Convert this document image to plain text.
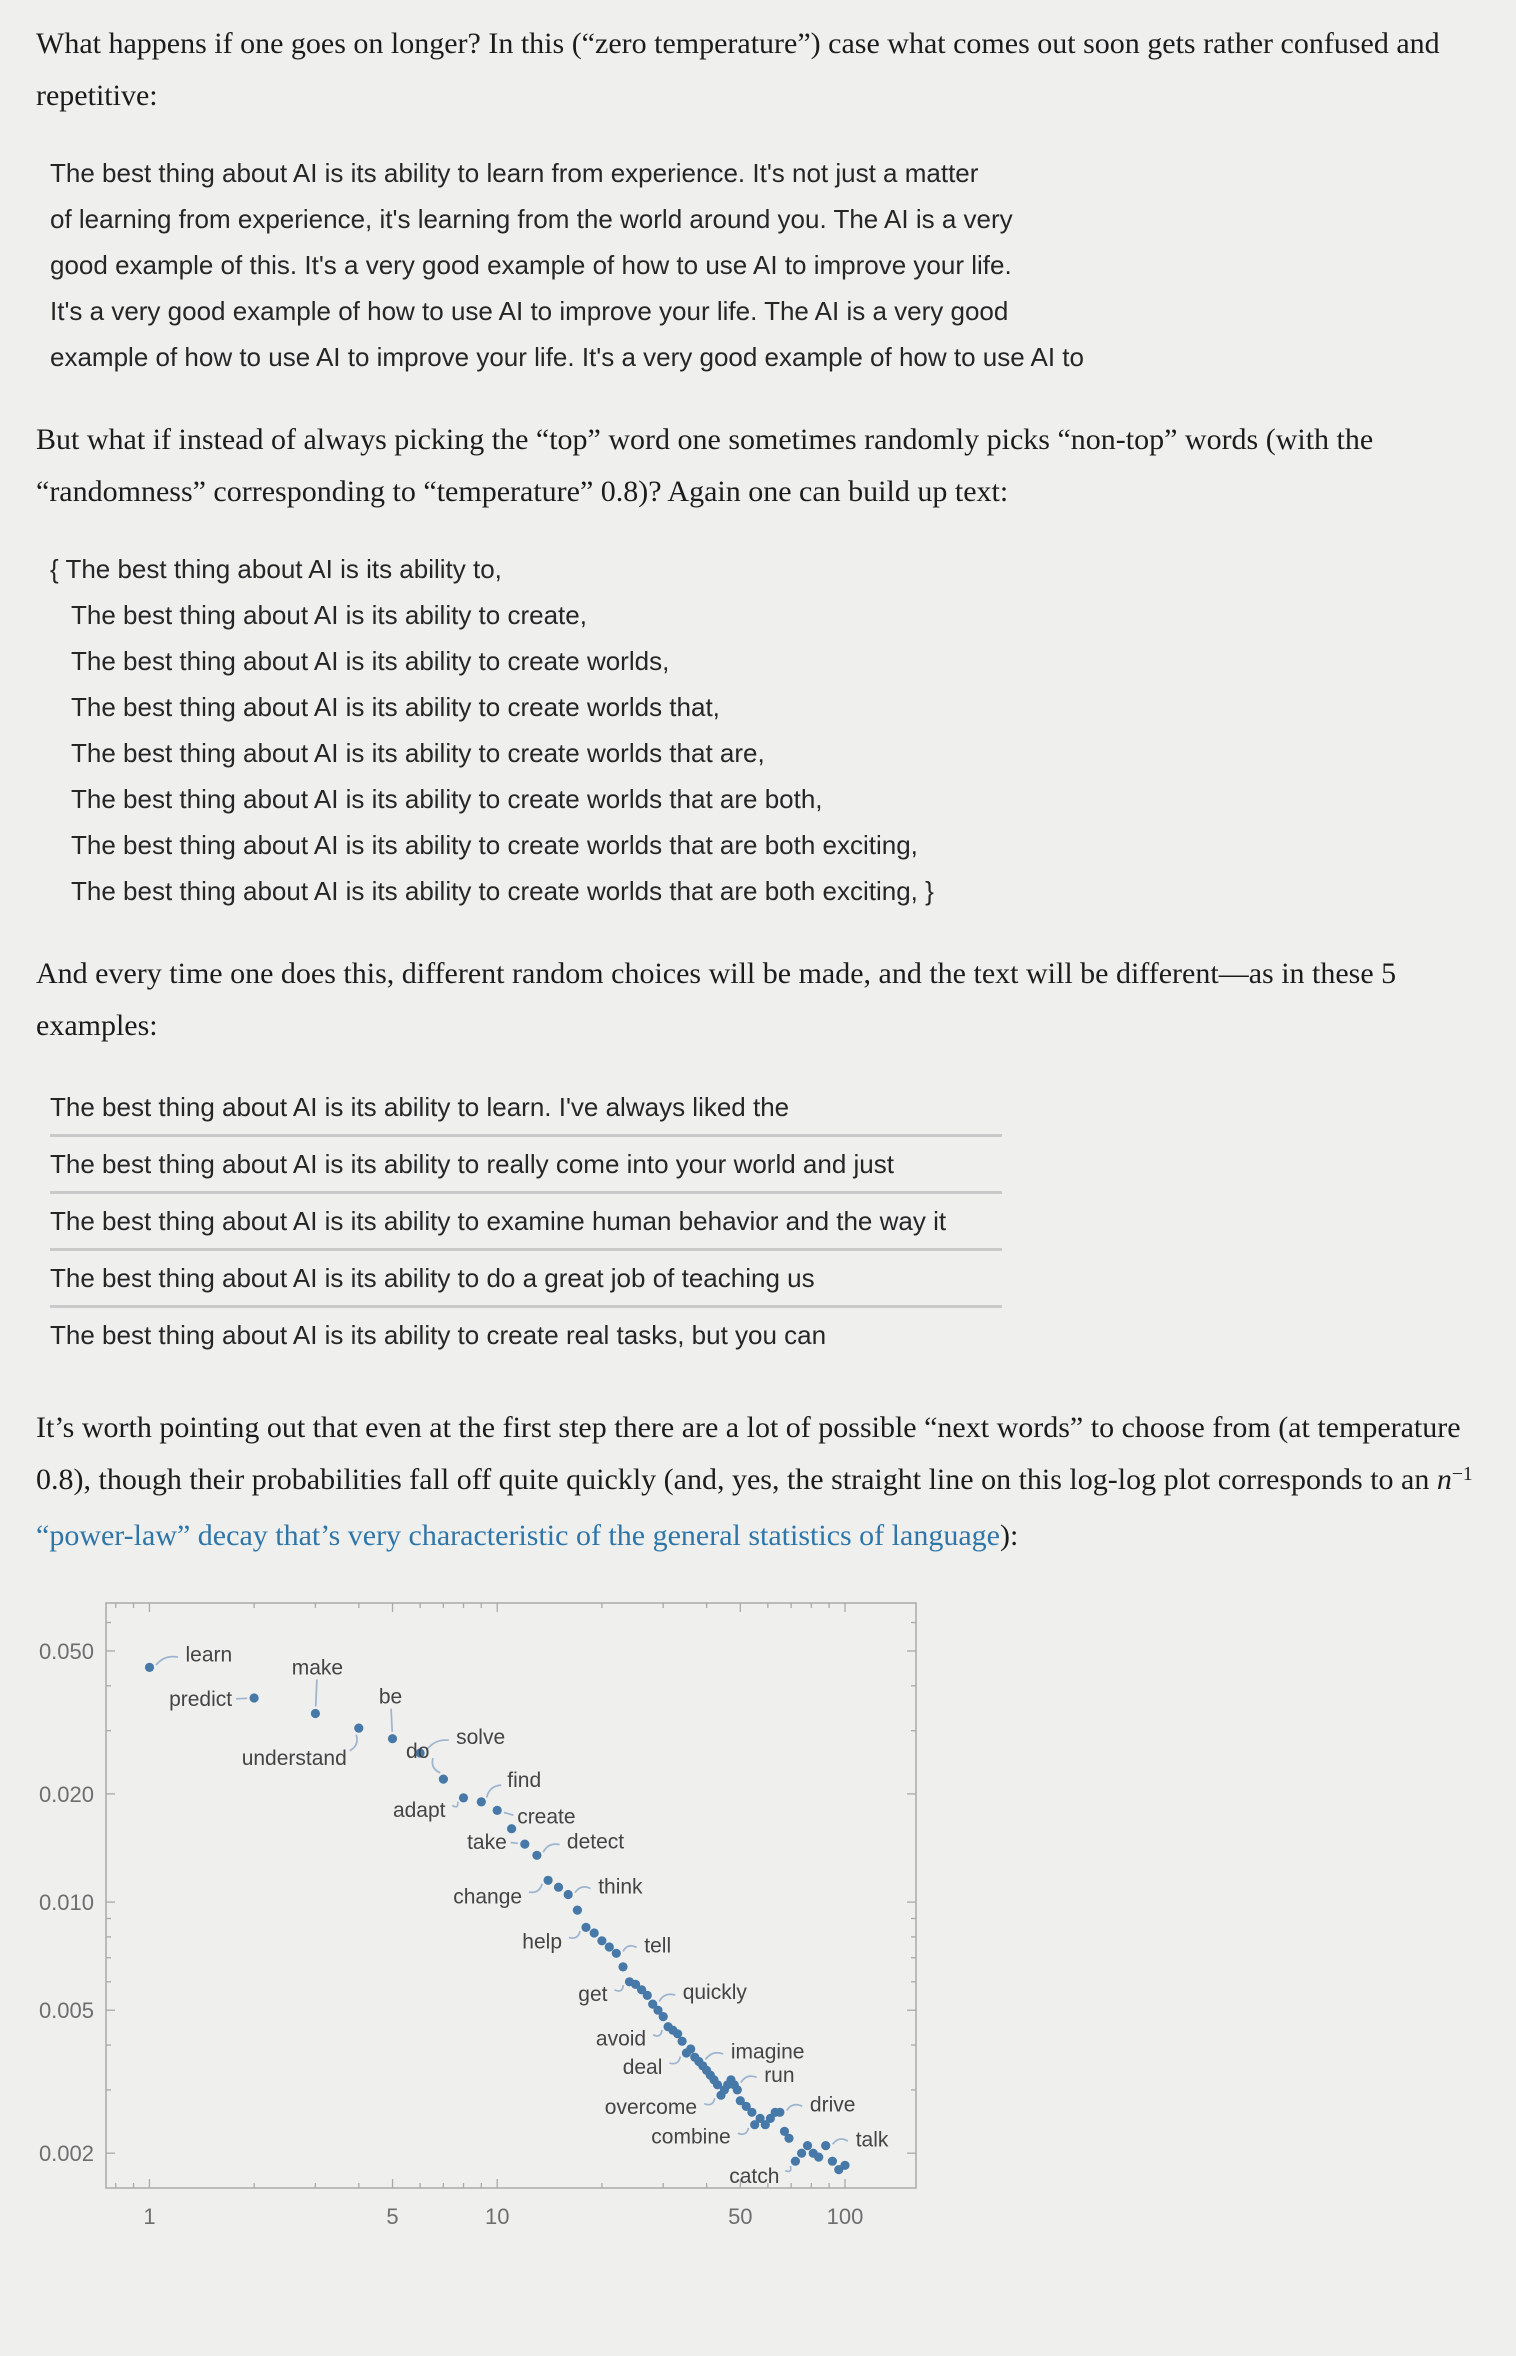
What happens if one goes on longer? In this (“zero temperature”) case what comes out soon gets rather confused and repetitive:

The best thing about AI is its ability to learn from experience. It's not just a matter
of learning from experience, it's learning from the world around you. The AI is a very
good example of this. It's a very good example of how to use AI to improve your life.
It's a very good example of how to use AI to improve your life. The AI is a very good
example of how to use AI to improve your life. It's a very good example of how to use AI to

But what if instead of always picking the “top” word one sometimes randomly picks “non-top” words (with the “randomness” corresponding to “temperature” 0.8)? Again one can build up text:

{ The best thing about AI is its ability to,
The best thing about AI is its ability to create,
The best thing about AI is its ability to create worlds,
The best thing about AI is its ability to create worlds that,
The best thing about AI is its ability to create worlds that are,
The best thing about AI is its ability to create worlds that are both,
The best thing about AI is its ability to create worlds that are both exciting,
The best thing about AI is its ability to create worlds that are both exciting, }

And every time one does this, different random choices will be made, and the text will be different—as in these 5 examples:

The best thing about AI is its ability to learn. I've always liked the
The best thing about AI is its ability to really come into your world and just
The best thing about AI is its ability to examine human behavior and the way it
The best thing about AI is its ability to do a great job of teaching us
The best thing about AI is its ability to create real tasks, but you can

It’s worth pointing out that even at the first step there are a lot of possible “next words” to choose from (at temperature 0.8), though their probabilities fall off quite quickly (and, yes, the straight line on this log-log plot corresponds to an $n^{-1}$ “power-law” decay that’s very characteristic of the general statistics of language):

1	5	10	50	100
0.050
0.020
0.010
0.005
0.002
learn
predict
make
understand
be
solve
do
adapt
find
create
take	detect
change	think
help	tell
get	quickly
avoid
deal
imagine
overcome
run
combine
drive
catch
talk
